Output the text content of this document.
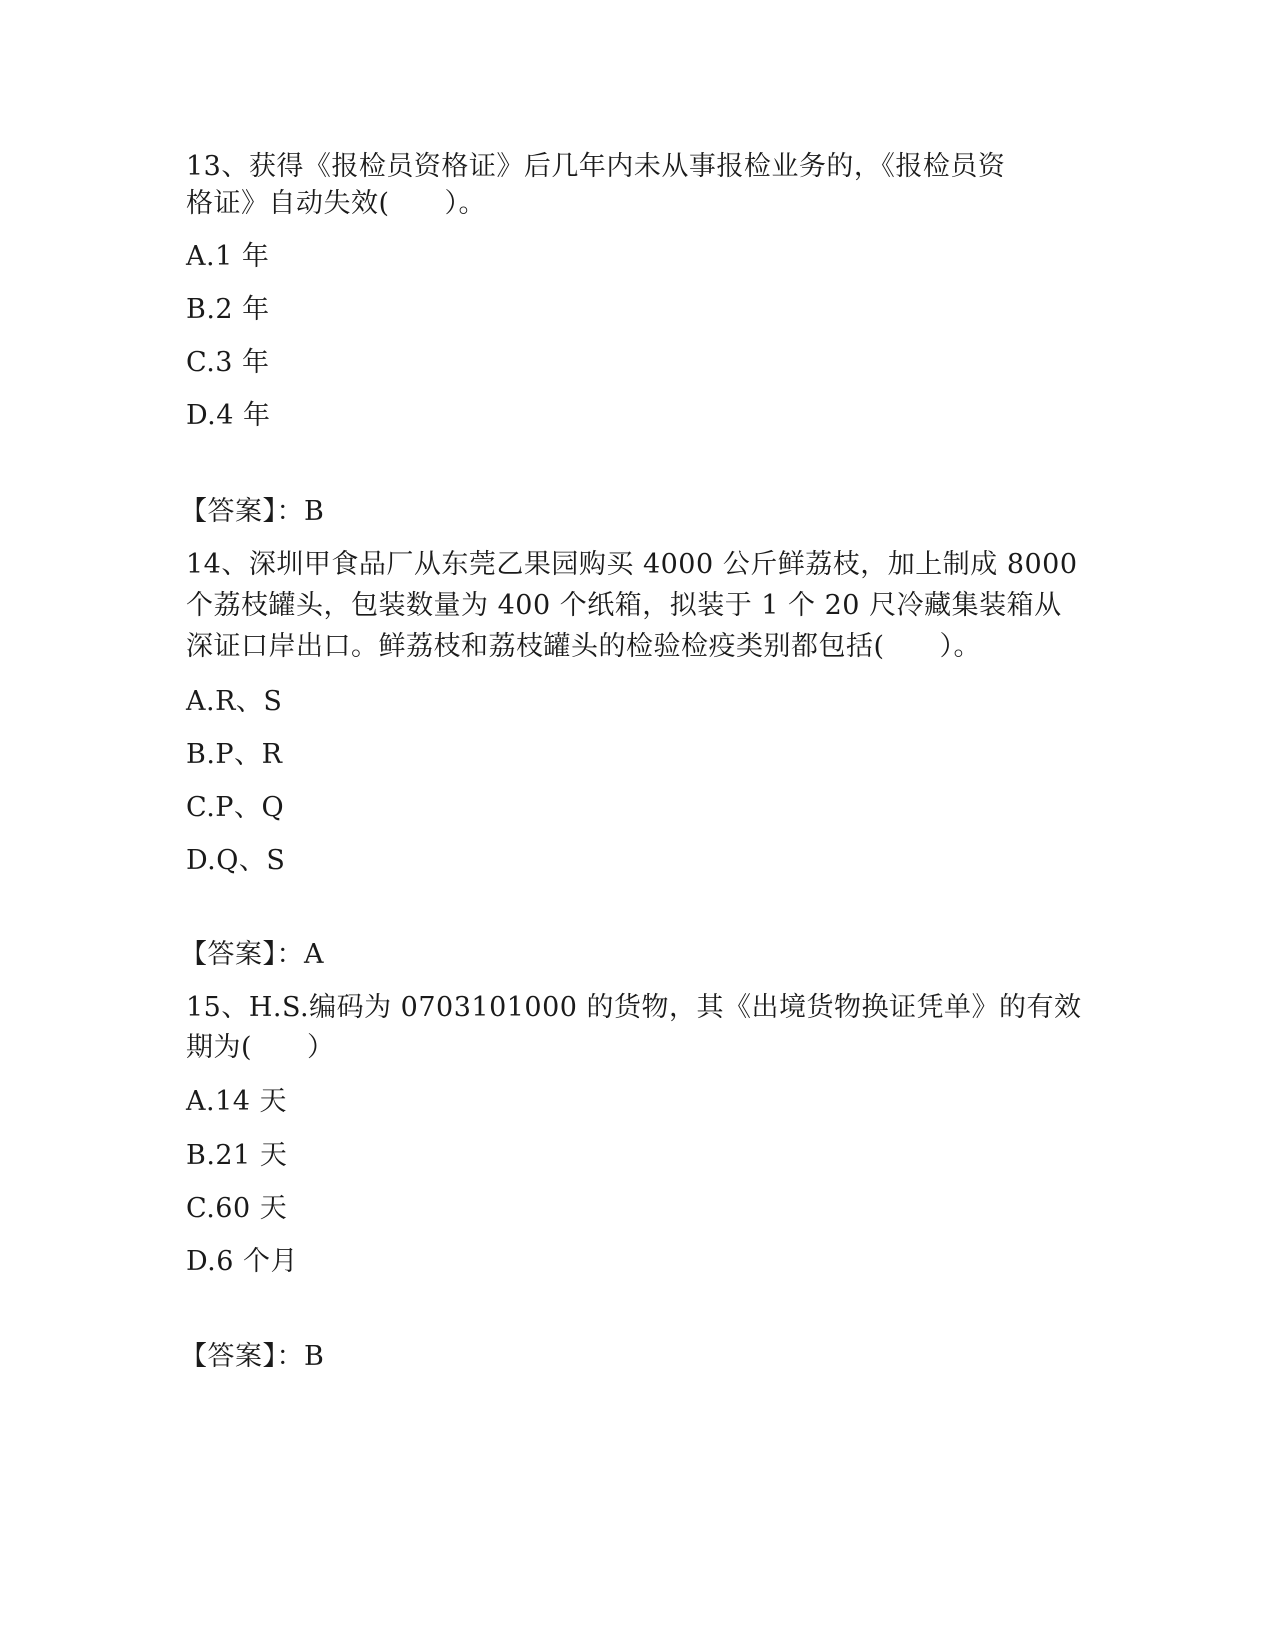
13、获得《报检员资格证》后几年内未从事报检业务的，《报检员资
格证》自动失效(　　）。
A.1 年
B.2 年
C.3 年
D.4 年
【答案】：B
14、深圳甲食品厂从东莞乙果园购买 4000 公斤鲜荔枝，加上制成 8000
个荔枝罐头，包装数量为 400 个纸箱，拟装于 1 个 20 尺冷藏集装箱从
深证口岸出口。鲜荔枝和荔枝罐头的检验检疫类别都包括(　　）。
A.R、S
B.P、R
C.P、Q
D.Q、S
【答案】：A
15、H.S.编码为 0703101000 的货物，其《出境货物换证凭单》的有效
期为(　　）
A.14 天
B.21 天
C.60 天
D.6 个月
【答案】：B
